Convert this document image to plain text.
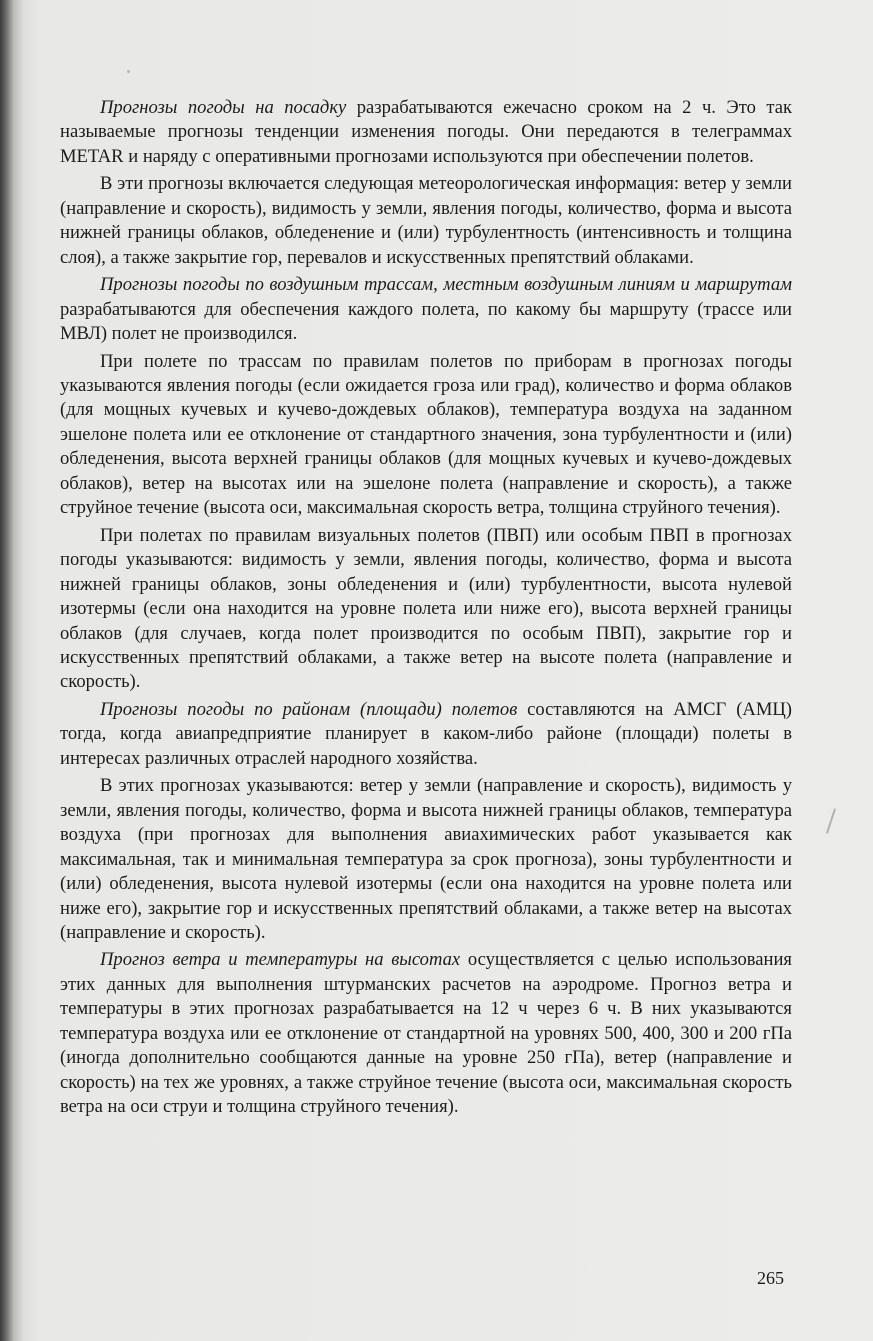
Прогнозы погоды на посадку разрабатываются ежечасно сроком на 2 ч. Это так называемые прогнозы тенденции изменения погоды. Они передаются в телеграммах METAR и наряду с оперативными прогнозами используются при обеспечении полетов.

В эти прогнозы включается следующая метеорологическая информация: ветер у земли (направление и скорость), видимость у земли, явления погоды, количество, форма и высота нижней границы облаков, обледенение и (или) турбулентность (интенсивность и толщина слоя), а также закрытие гор, перевалов и искусственных препятствий облаками.

Прогнозы погоды по воздушным трассам, местным воздушным линиям и маршрутам разрабатываются для обеспечения каждого полета, по какому бы маршруту (трассе или МВЛ) полет не производился.

При полете по трассам по правилам полетов по приборам в прогнозах погоды указываются явления погоды (если ожидается гроза или град), количество и форма облаков (для мощных кучевых и кучево-дождевых облаков), температура воздуха на заданном эшелоне полета или ее отклонение от стандартного значения, зона турбулентности и (или) обледенения, высота верхней границы облаков (для мощных кучевых и кучево-дождевых облаков), ветер на высотах или на эшелоне полета (направление и скорость), а также струйное течение (высота оси, максимальная скорость ветра, толщина струйного течения).

При полетах по правилам визуальных полетов (ПВП) или особым ПВП в прогнозах погоды указываются: видимость у земли, явления погоды, количество, форма и высота нижней границы облаков, зоны обледенения и (или) турбулентности, высота нулевой изотермы (если она находится на уровне полета или ниже его), высота верхней границы облаков (для случаев, когда полет производится по особым ПВП), закрытие гор и искусственных препятствий облаками, а также ветер на высоте полета (направление и скорость).

Прогнозы погоды по районам (площади) полетов составляются на АМСГ (АМЦ) тогда, когда авиапредприятие планирует в каком-либо районе (площади) полеты в интересах различных отраслей народного хозяйства.

В этих прогнозах указываются: ветер у земли (направление и скорость), видимость у земли, явления погоды, количество, форма и высота нижней границы облаков, температура воздуха (при прогнозах для выполнения авиахимических работ указывается как максимальная, так и минимальная температура за срок прогноза), зоны турбулентности и (или) обледенения, высота нулевой изотермы (если она находится на уровне полета или ниже его), закрытие гор и искусственных препятствий облаками, а также ветер на высотах (направление и скорость).

Прогноз ветра и температуры на высотах осуществляется с целью использования этих данных для выполнения штурманских расчетов на аэродроме. Прогноз ветра и температуры в этих прогнозах разрабатывается на 12 ч через 6 ч. В них указываются температура воздуха или ее отклонение от стандартной на уровнях 500, 400, 300 и 200 гПа (иногда дополнительно сообщаются данные на уровне 250 гПа), ветер (направление и скорость) на тех же уровнях, а также струйное течение (высота оси, максимальная скорость ветра на оси струи и толщина струйного течения).

265
